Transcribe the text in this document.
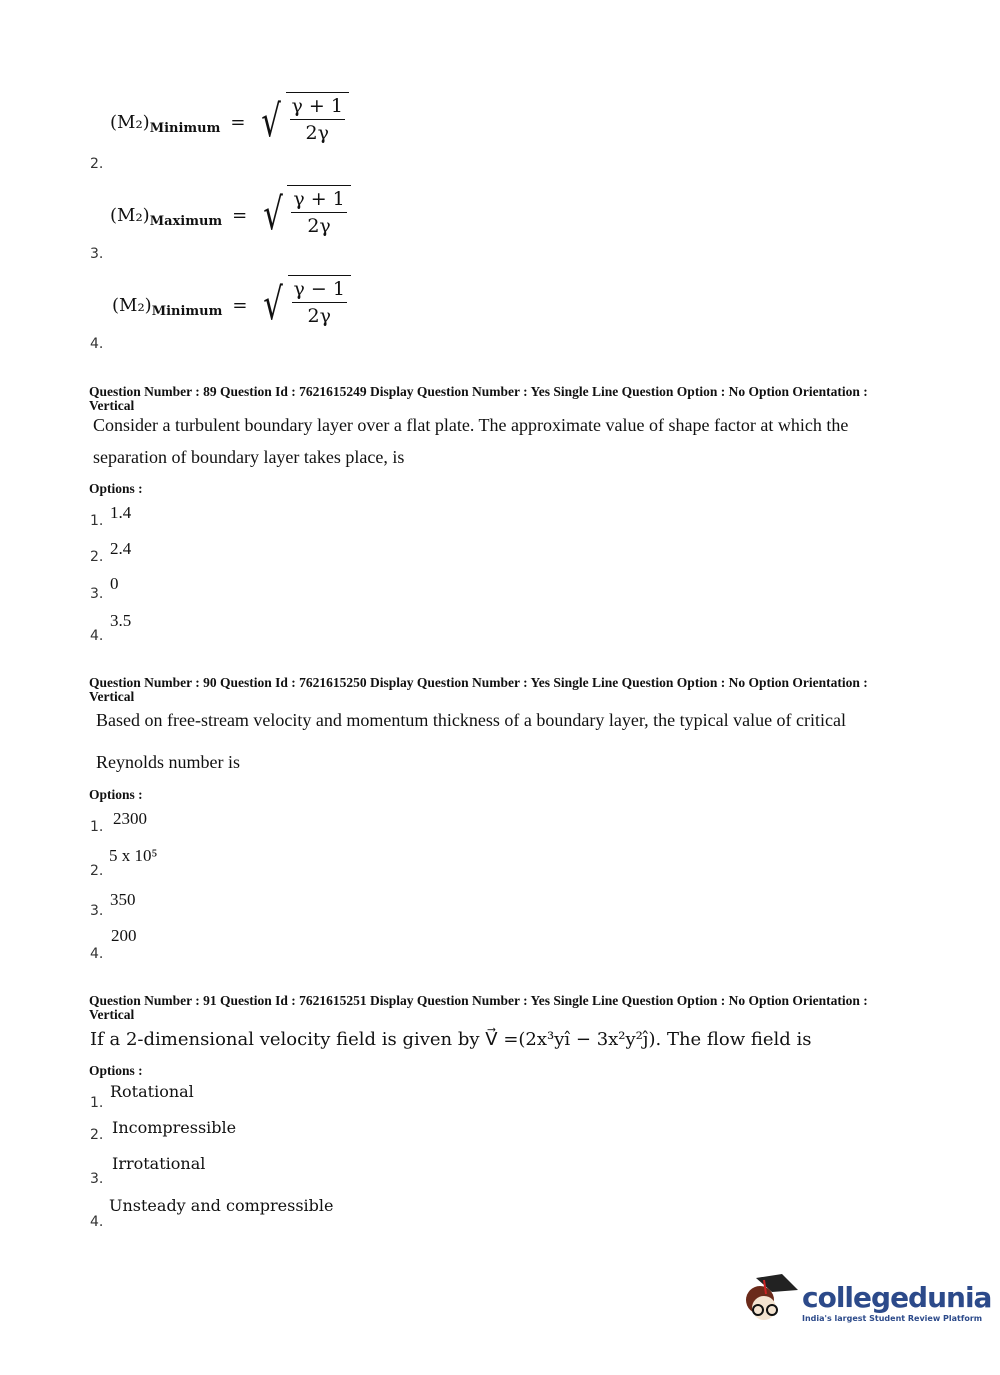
(M₂) Minimum = √ $\frac{\gamma + 1}{2\gamma}$
2.
(M₂) Maximum = √ $\frac{\gamma + 1}{2\gamma}$
3.
(M₂) Minimum = √ $\frac{\gamma - 1}{2\gamma}$
4.
Question Number : 89 Question Id : 7621615249 Display Question Number : Yes Single Line Question Option : No Option Orientation : Vertical
Consider a turbulent boundary layer over a flat plate. The approximate value of shape factor at which the
separation of boundary layer takes place, is
Options :
1. 1.4
2. 2.4
3.
0
4.
3.5
Question Number : 90 Question Id : 7621615250 Display Question Number : Yes Single Line Question Option : No Option Orientation : Vertical
Based on free-stream velocity and momentum thickness of a boundary layer, the typical value of critical
Reynolds number is
Options :
1. 2300
2.
5 x 10⁵
3.
350
4.
200
Question Number : 91 Question Id : 7621615251 Display Question Number : Yes Single Line Question Option : No Option Orientation : Vertical
If a 2-dimensional velocity field is given by V⃗ =(2x³yî − 3x²y²ĵ). The flow field is
Options :
1.
Rotational
2. Incompressible
3.
Irrotational
4.
Unsteady and compressible
collegedunia
India's largest Student Review Platform
